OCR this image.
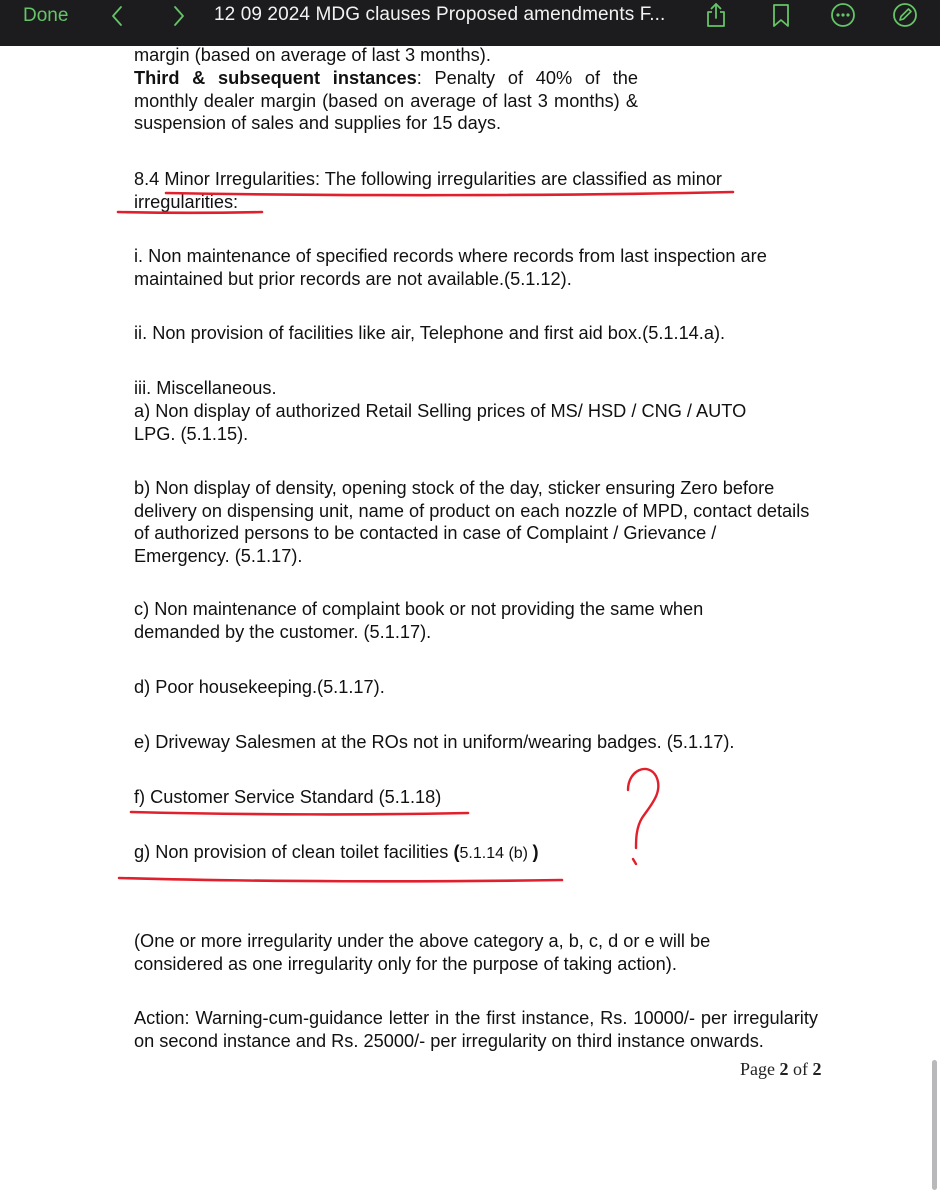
Done	12 09 2024 MDG clauses Proposed amendments F...
margin (based on average of last 3 months).
Third & subsequent instances: Penalty of 40% of the monthly dealer margin (based on average of last 3 months) & suspension of sales and supplies for 15 days.
8.4 Minor Irregularities: The following irregularities are classified as minor irregularities:
i. Non maintenance of specified records where records from last inspection are maintained but prior records are not available.(5.1.12).
ii. Non provision of facilities like air, Telephone and first aid box.(5.1.14.a).
iii. Miscellaneous.
a) Non display of authorized Retail Selling prices of MS/ HSD / CNG / AUTO LPG. (5.1.15).
b) Non display of density, opening stock of the day, sticker ensuring Zero before delivery on dispensing unit, name of product on each nozzle of MPD, contact details of authorized persons to be contacted in case of Complaint / Grievance / Emergency. (5.1.17).
c) Non maintenance of complaint book or not providing the same when demanded by the customer. (5.1.17).
d) Poor housekeeping.(5.1.17).
e) Driveway Salesmen at the ROs not in uniform/wearing badges. (5.1.17).
f) Customer Service Standard (5.1.18)
g) Non provision of clean toilet facilities (5.1.14 (b) )
(One or more irregularity under the above category a, b, c, d or e will be considered as one irregularity only for the purpose of taking action).
Action: Warning-cum-guidance letter in the first instance, Rs. 10000/- per irregularity on second instance and Rs. 25000/- per irregularity on third instance onwards.
Page 2 of 2
